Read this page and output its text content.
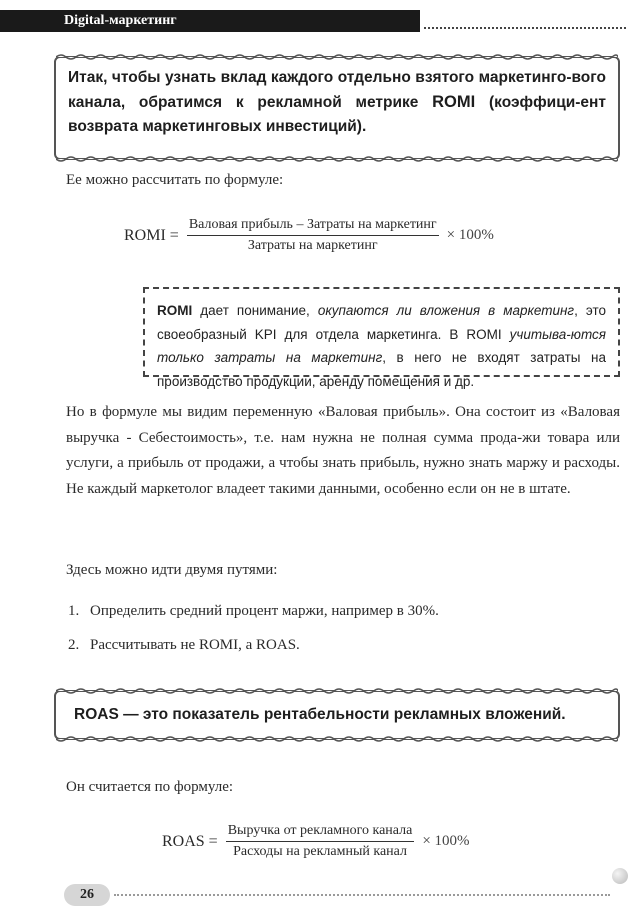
Digital-маркетинг
Итак, чтобы узнать вклад каждого отдельно взятого маркетинго-вого канала, обратимся к рекламной метрике ROMI (коэффици-ент возврата маркетинговых инвестиций).
Ее можно рассчитать по формуле:
ROMI = $\frac{\text{Валовая прибыль – Затраты на маркетинг}}{\text{Затраты на маркетинг}} \times 100\%$
ROMI дает понимание, окупаются ли вложения в маркетинг, это своеобразный KPI для отдела маркетинга. В ROMI учитыва-ются только затраты на маркетинг, в него не входят затраты на производство продукции, аренду помещения и др.
Но в формуле мы видим переменную «Валовая прибыль». Она состоит из «Валовая выручка - Себестоимость», т.е. нам нужна не полная сумма прода-жи товара или услуги, а прибыль от продажи, а чтобы знать прибыль, нужно знать маржу и расходы. Не каждый маркетолог владеет такими данными, особенно если он не в штате.
Здесь можно идти двумя путями:
1. Определить средний процент маржи, например в 30%.
2. Рассчитывать не ROMI, а ROAS.
ROAS — это показатель рентабельности рекламных вложений.
Он считается по формуле:
ROAS = $\frac{\text{Выручка от рекламного канала}}{\text{Расходы на рекламный канал}} \times 100\%$
26
